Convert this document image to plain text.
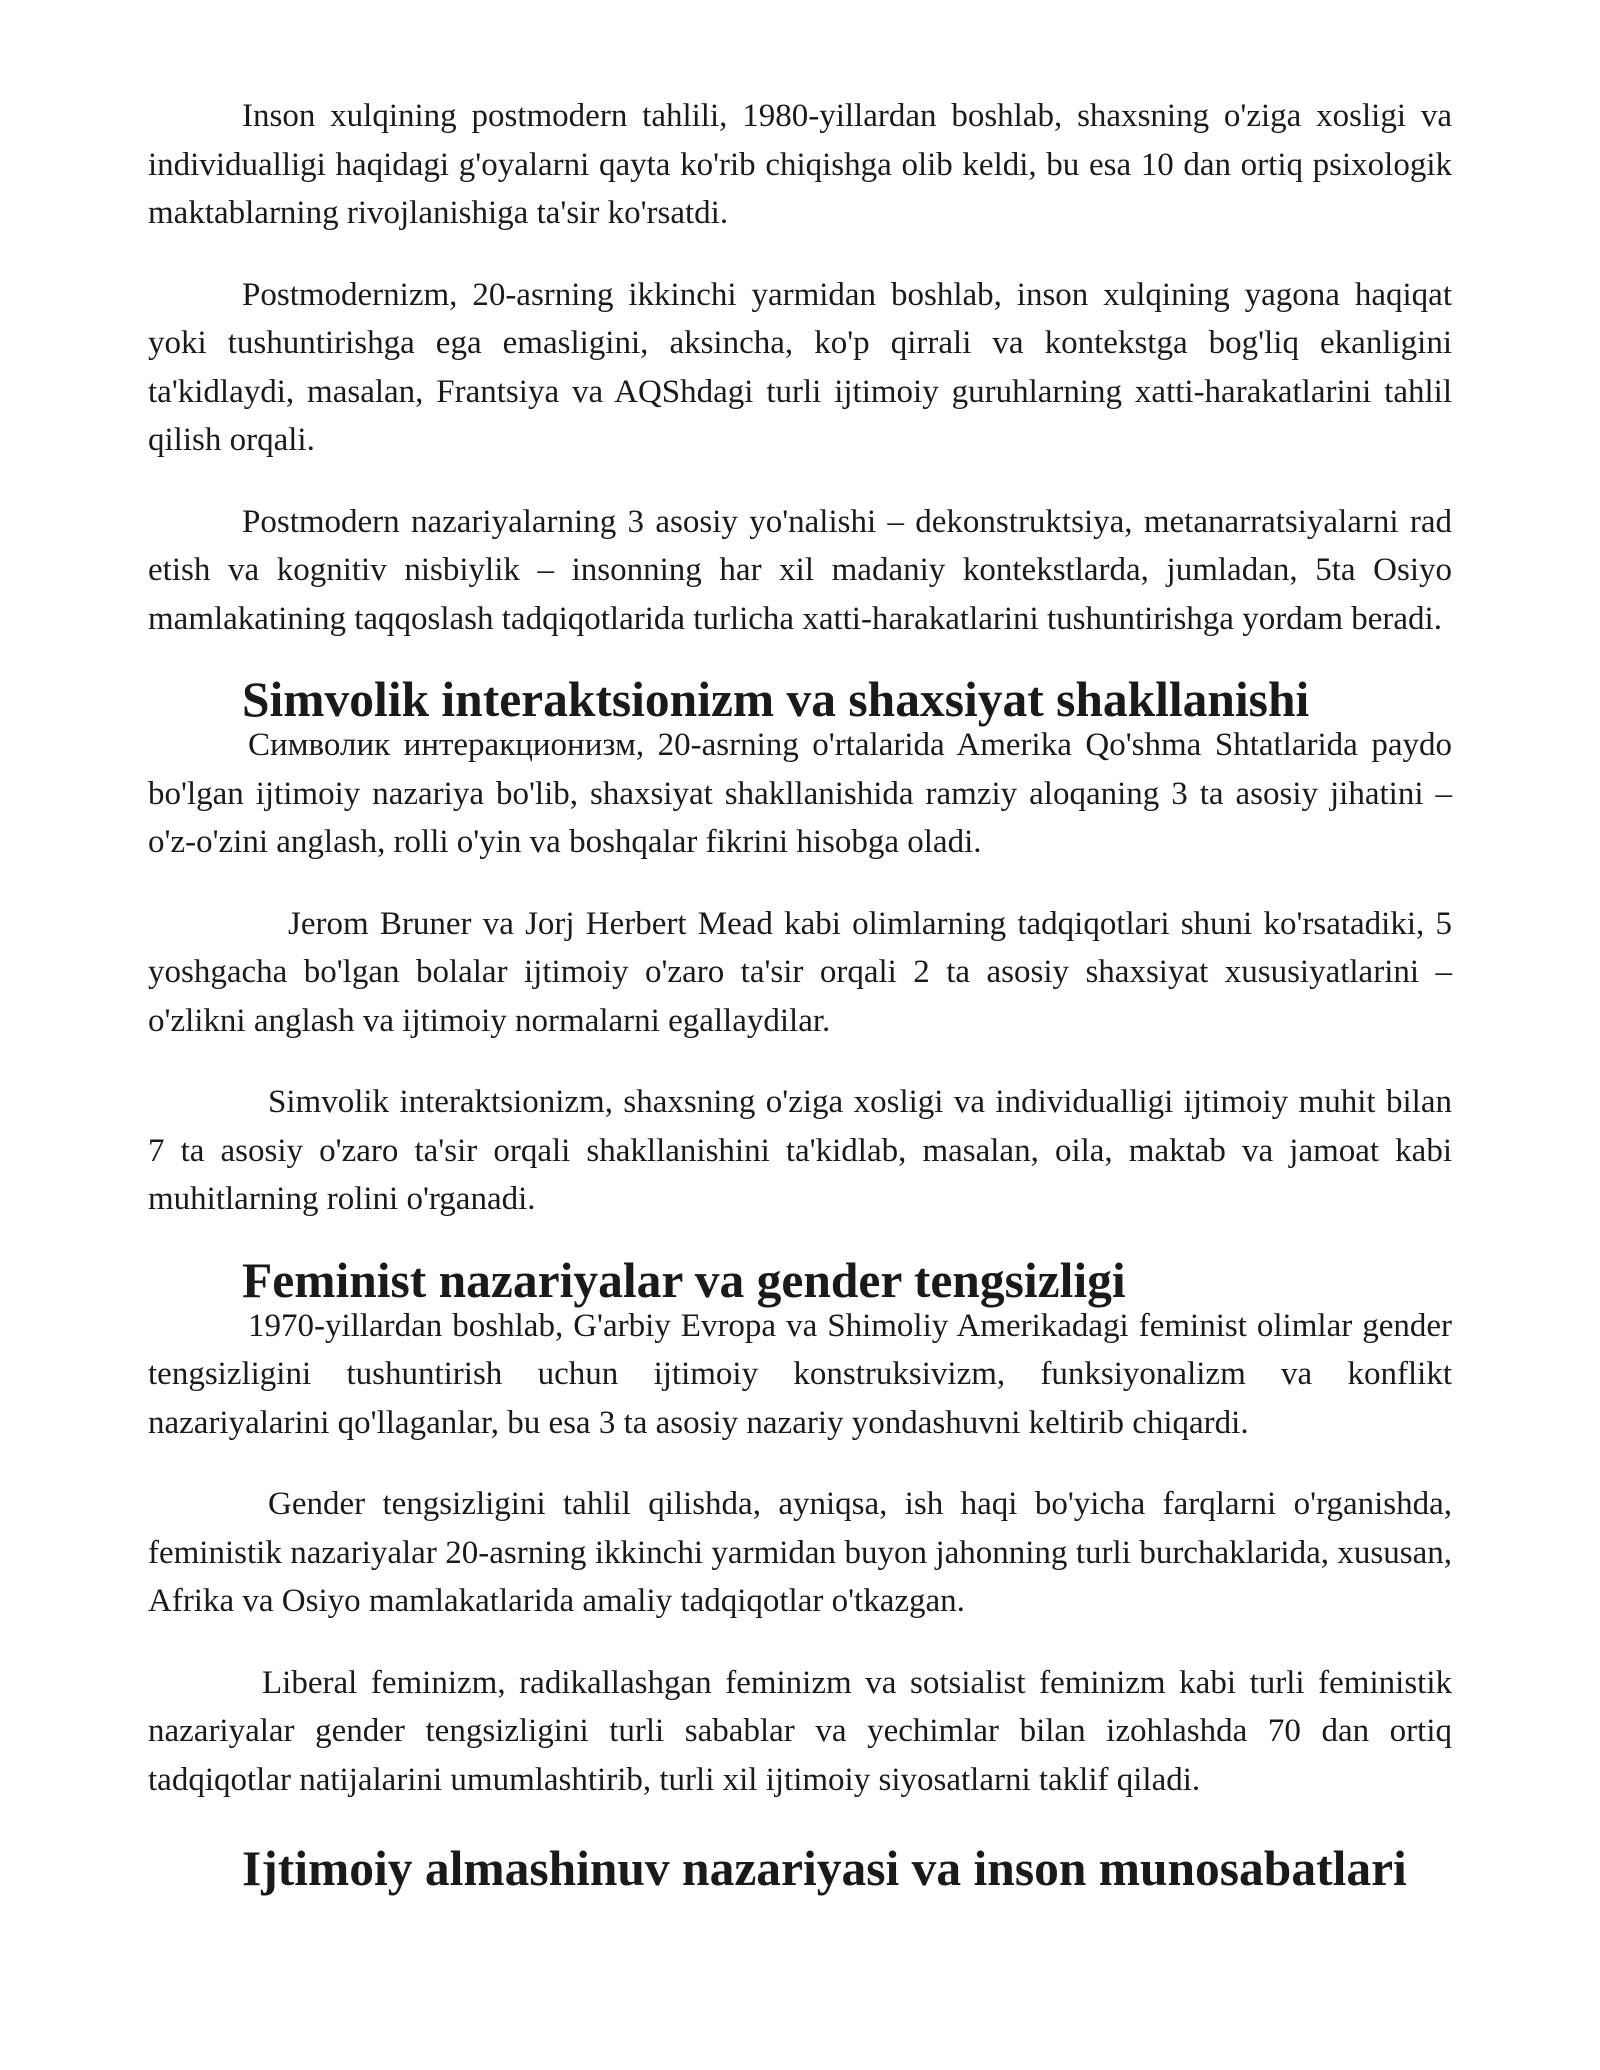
Inson xulqining postmodern tahlili, 1980-yillardan boshlab, shaxsning o'ziga xosligi va individualligi haqidagi g'oyalarni qayta ko'rib chiqishga olib keldi, bu esa 10 dan ortiq psixologik maktablarning rivojlanishiga ta'sir ko'rsatdi.

Postmodernizm, 20-asrning ikkinchi yarmidan boshlab, inson xulqining yagona haqiqat yoki tushuntirishga ega emasligini, aksincha, ko'p qirrali va kontekstga bog'liq ekanligini ta'kidlaydi, masalan, Frantsiya va AQShdagi turli ijtimoiy guruhlarning xatti-harakatlarini tahlil qilish orqali.

Postmodern nazariyalarning 3 asosiy yo'nalishi – dekonstruktsiya, metanarratsiyalarni rad etish va kognitiv nisbiylik – insonning har xil madaniy kontekstlarda, jumladan, 5ta Osiyo mamlakatining taqqoslash tadqiqotlarida turlicha xatti-harakatlarini tushuntirishga yordam beradi.

Simvolik interaktsionizm va shaxsiyat shakllanishi

Символик интеракционизм, 20-asrning o'rtalarida Amerika Qo'shma Shtatlarida paydo bo'lgan ijtimoiy nazariya bo'lib, shaxsiyat shakllanishida ramziy aloqaning 3 ta asosiy jihatini – o'z-o'zini anglash, rolli o'yin va boshqalar fikrini hisobga oladi.

Jerom Bruner va Jorj Herbert Mead kabi olimlarning tadqiqotlari shuni ko'rsatadiki, 5 yoshgacha bo'lgan bolalar ijtimoiy o'zaro ta'sir orqali 2 ta asosiy shaxsiyat xususiyatlarini – o'zlikni anglash va ijtimoiy normalarni egallaydilar.

Simvolik interaktsionizm, shaxsning o'ziga xosligi va individualligi ijtimoiy muhit bilan 7 ta asosiy o'zaro ta'sir orqali shakllanishini ta'kidlab, masalan, oila, maktab va jamoat kabi muhitlarning rolini o'rganadi.

Feminist nazariyalar va gender tengsizligi

1970-yillardan boshlab, G'arbiy Evropa va Shimoliy Amerikadagi feminist olimlar gender tengsizligini tushuntirish uchun ijtimoiy konstruksivizm, funksiyonalizm va konflikt nazariyalarini qo'llaganlar, bu esa 3 ta asosiy nazariy yondashuvni keltirib chiqardi.

Gender tengsizligini tahlil qilishda, ayniqsa, ish haqi bo'yicha farqlarni o'rganishda, feministik nazariyalar 20-asrning ikkinchi yarmidan buyon jahonning turli burchaklarida, xususan, Afrika va Osiyo mamlakatlarida amaliy tadqiqotlar o'tkazgan.

Liberal feminizm, radikallashgan feminizm va sotsialist feminizm kabi turli feministik nazariyalar gender tengsizligini turli sabablar va yechimlar bilan izohlashda 70 dan ortiq tadqiqotlar natijalarini umumlashtirib, turli xil ijtimoiy siyosatlarni taklif qiladi.

Ijtimoiy almashinuv nazariyasi va inson munosabatlari
